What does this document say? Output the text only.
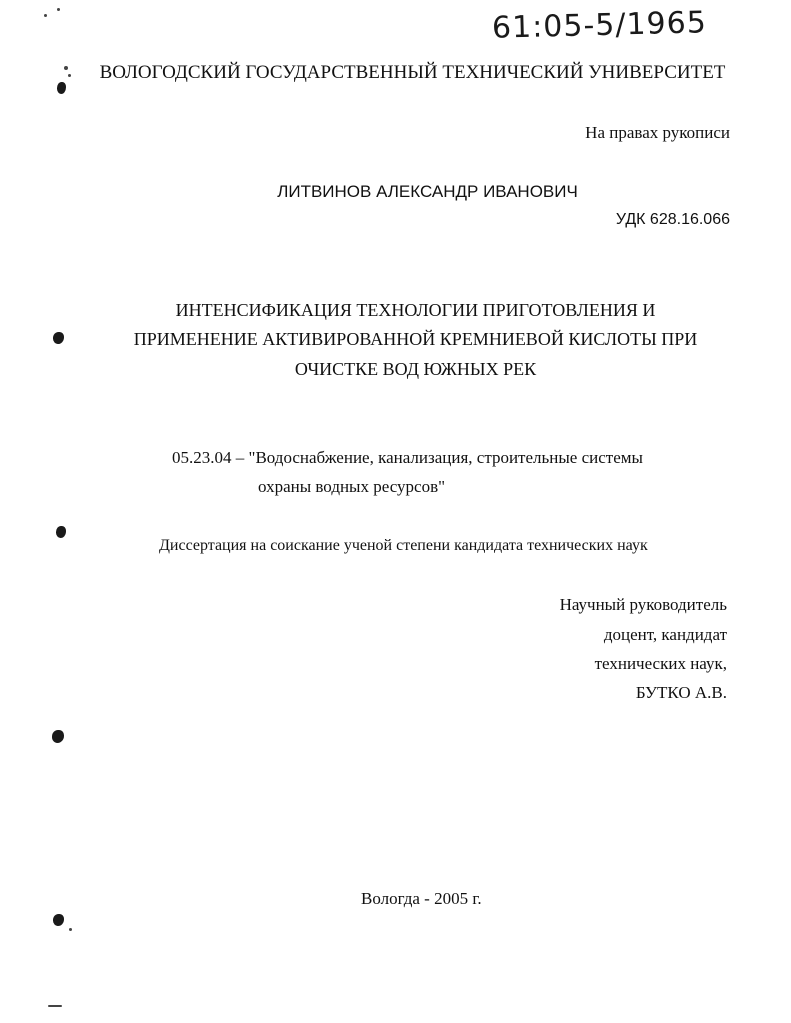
61:05-5/1965
ВОЛОГОДСКИЙ ГОСУДАРСТВЕННЫЙ ТЕХНИЧЕСКИЙ УНИВЕРСИТЕТ
На правах рукописи
ЛИТВИНОВ АЛЕКСАНДР ИВАНОВИЧ
УДК 628.16.066
ИНТЕНСИФИКАЦИЯ ТЕХНОЛОГИИ ПРИГОТОВЛЕНИЯ И
ПРИМЕНЕНИЕ АКТИВИРОВАННОЙ КРЕМНИЕВОЙ КИСЛОТЫ ПРИ
ОЧИСТКЕ ВОД ЮЖНЫХ РЕК
05.23.04 – "Водоснабжение, канализация, строительные системы
охраны водных ресурсов"
Диссертация на соискание ученой степени кандидата технических наук
Научный руководитель
доцент, кандидат
технических наук,
БУТКО А.В.
Вологда - 2005 г.
